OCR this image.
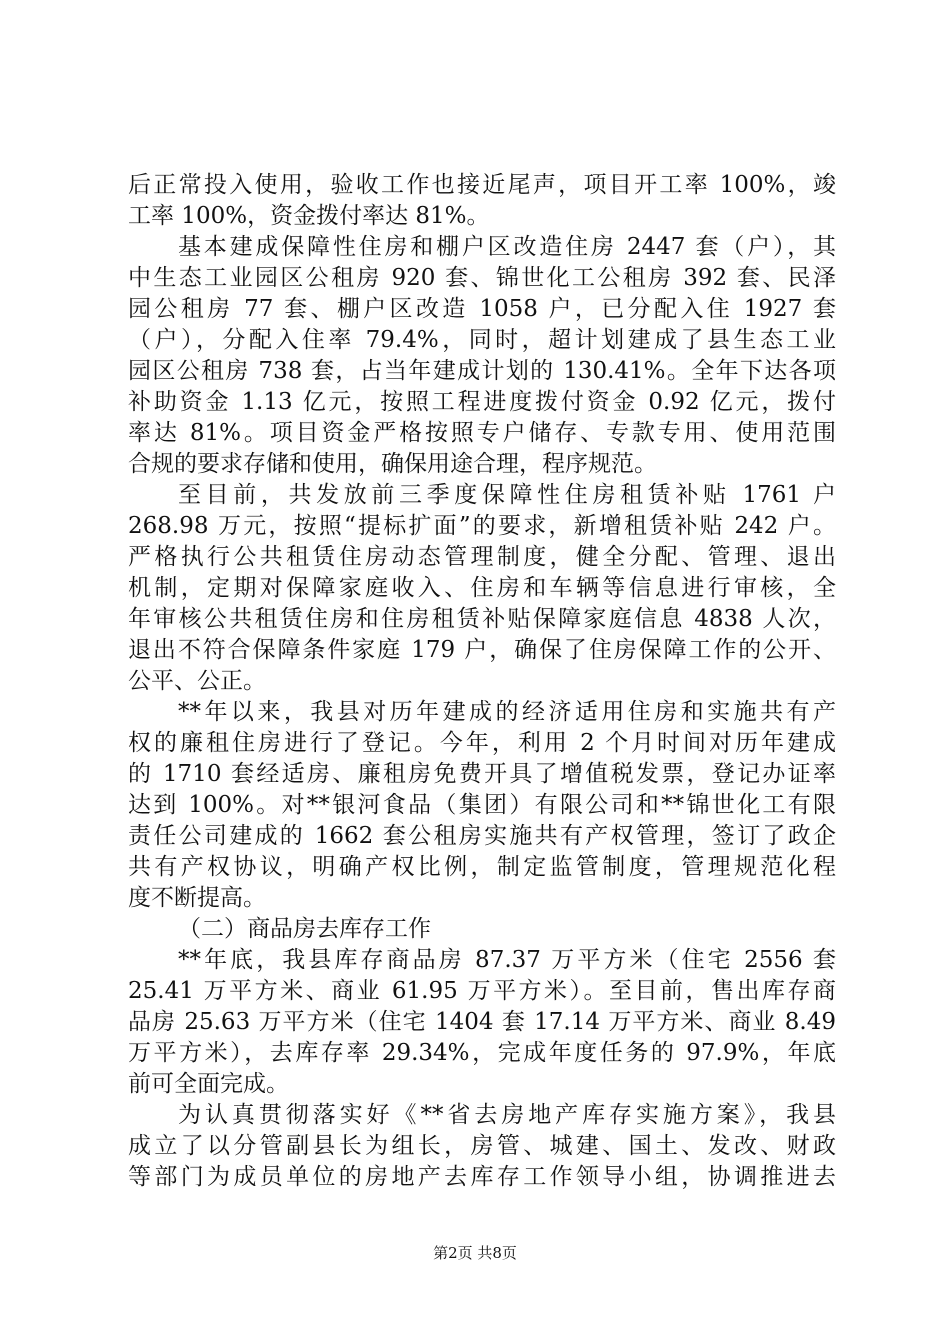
后正常投入使用，验收工作也接近尾声，项目开工率 100%，竣
工率 100%，资金拨付率达 81%。
基本建成保障性住房和棚户区改造住房 2447 套（户），其
中生态工业园区公租房 920 套、锦世化工公租房 392 套、民泽
园公租房 77 套、棚户区改造 1058 户，已分配入住 1927 套
（户），分配入住率 79.4%，同时，超计划建成了县生态工业
园区公租房 738 套，占当年建成计划的 130.41%。全年下达各项
补助资金 1.13 亿元，按照工程进度拨付资金 0.92 亿元，拨付
率达 81%。项目资金严格按照专户储存、专款专用、使用范围
合规的要求存储和使用，确保用途合理，程序规范。
至目前，共发放前三季度保障性住房租赁补贴 1761 户
268.98 万元，按照“提标扩面”的要求，新增租赁补贴 242 户。
严格执行公共租赁住房动态管理制度，健全分配、管理、退出
机制，定期对保障家庭收入、住房和车辆等信息进行审核，全
年审核公共租赁住房和住房租赁补贴保障家庭信息 4838 人次，
退出不符合保障条件家庭 179 户，确保了住房保障工作的公开、
公平、公正。
**年以来，我县对历年建成的经济适用住房和实施共有产
权的廉租住房进行了登记。今年，利用 2 个月时间对历年建成
的 1710 套经适房、廉租房免费开具了增值税发票，登记办证率
达到 100%。对**银河食品（集团）有限公司和**锦世化工有限
责任公司建成的 1662 套公租房实施共有产权管理，签订了政企
共有产权协议，明确产权比例，制定监管制度，管理规范化程
度不断提高。
（二）商品房去库存工作
**年底，我县库存商品房 87.37 万平方米（住宅 2556 套
25.41 万平方米、商业 61.95 万平方米）。至目前，售出库存商
品房 25.63 万平方米（住宅 1404 套 17.14 万平方米、商业 8.49
万平方米），去库存率 29.34%，完成年度任务的 97.9%，年底
前可全面完成。
为认真贯彻落实好《**省去房地产库存实施方案》，我县
成立了以分管副县长为组长，房管、城建、国土、发改、财政
等部门为成员单位的房地产去库存工作领导小组，协调推进去
第2页 共8页
